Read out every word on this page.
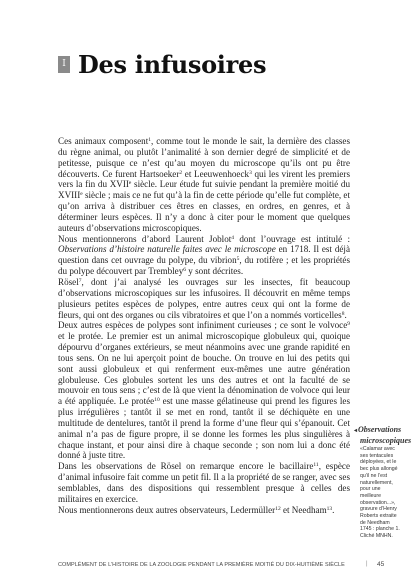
I Des infusoires

Ces animaux composent$^1$, comme tout le monde le sait, la dernière des classes du règne animal, ou plutôt l’animalité à son dernier degré de simplicité et de petitesse, puisque ce n’est qu’au moyen du microscope qu’ils ont pu être découverts. Ce furent Hartsoeker$^2$ et Leeuwenhoeck$^3$ qui les virent les premiers vers la fin du XVIIe siècle. Leur étude fut suivie pendant la première moitié du XVIIIe siècle ; mais ce ne fut qu’à la fin de cette période qu’elle fut complète, et qu’on arriva à distribuer ces êtres en classes, en ordres, en genres, et à déterminer leurs espèces. Il n’y a donc à citer pour le moment que quelques auteurs d’observations microscopiques.

Nous mentionnerons d’abord Laurent Joblot$^4$ dont l’ouvrage est intitulé : Observations d’histoire naturelle faites avec le microscope en 1718. Il est déjà question dans cet ouvrage du polype, du vibrion$^5$, du rotifère ; et les propriétés du polype découvert par Trembley$^6$ y sont décrites.

Rösel$^7$, dont j’ai analysé les ouvrages sur les insectes, fit beaucoup d’observations microscopiques sur les infusoires. Il découvrit en même temps plusieurs petites espèces de polypes, entre autres ceux qui ont la forme de fleurs, qui ont des organes ou cils vibratoires et que l’on a nommés vorticelles$^8$.

Deux autres espèces de polypes sont infiniment curieuses ; ce sont le volvoce$^9$ et le protée. Le premier est un animal microscopique globuleux qui, quoique dépourvu d’organes extérieurs, se meut néanmoins avec une grande rapidité en tous sens. On ne lui aperçoit point de bouche. On trouve en lui des petits qui sont aussi globuleux et qui renferment eux-mêmes une autre génération globuleuse. Ces globules sortent les uns des autres et ont la faculté de se mouvoir en tous sens ; c’est de là que vient la dénomination de volvoce qui leur a été appliquée. Le protée$^{10}$ est une masse gélatineuse qui prend les figures les plus irrégulières ; tantôt il se met en rond, tantôt il se déchiquète en une multitude de dentelures, tantôt il prend la forme d’une fleur qui s’épanouit. Cet animal n’a pas de figure propre, il se donne les formes les plus singulières à chaque instant, et pour ainsi dire à chaque seconde ; son nom lui a donc été donné à juste titre.

Dans les observations de Rösel on remarque encore le bacillaire$^{11}$, espèce d’animal infusoire fait comme un petit fil. Il a la propriété de se ranger, avec ses semblables, dans des dispositions qui ressemblent presque à celles des militaires en exercice.

Nous mentionnerons deux autres observateurs, Ledermüller$^{12}$ et Needham$^{13}$.

◂Observations
microscopiques
«Calamar avec ses tentacules déployées, et le bec plus allongé qu’il ne l’est naturellement, pour une meilleure observation...», gravure d’Henry Roberts extraite de Needham 1745 : planche 1. Cliché MNHN.
COMPLÉMENT DE L’HISTOIRE DE LA ZOOLOGIE PENDANT LA PREMIÈRE MOITIÉ DU DIX-HUITIÈME SIÈCLE	| 45
